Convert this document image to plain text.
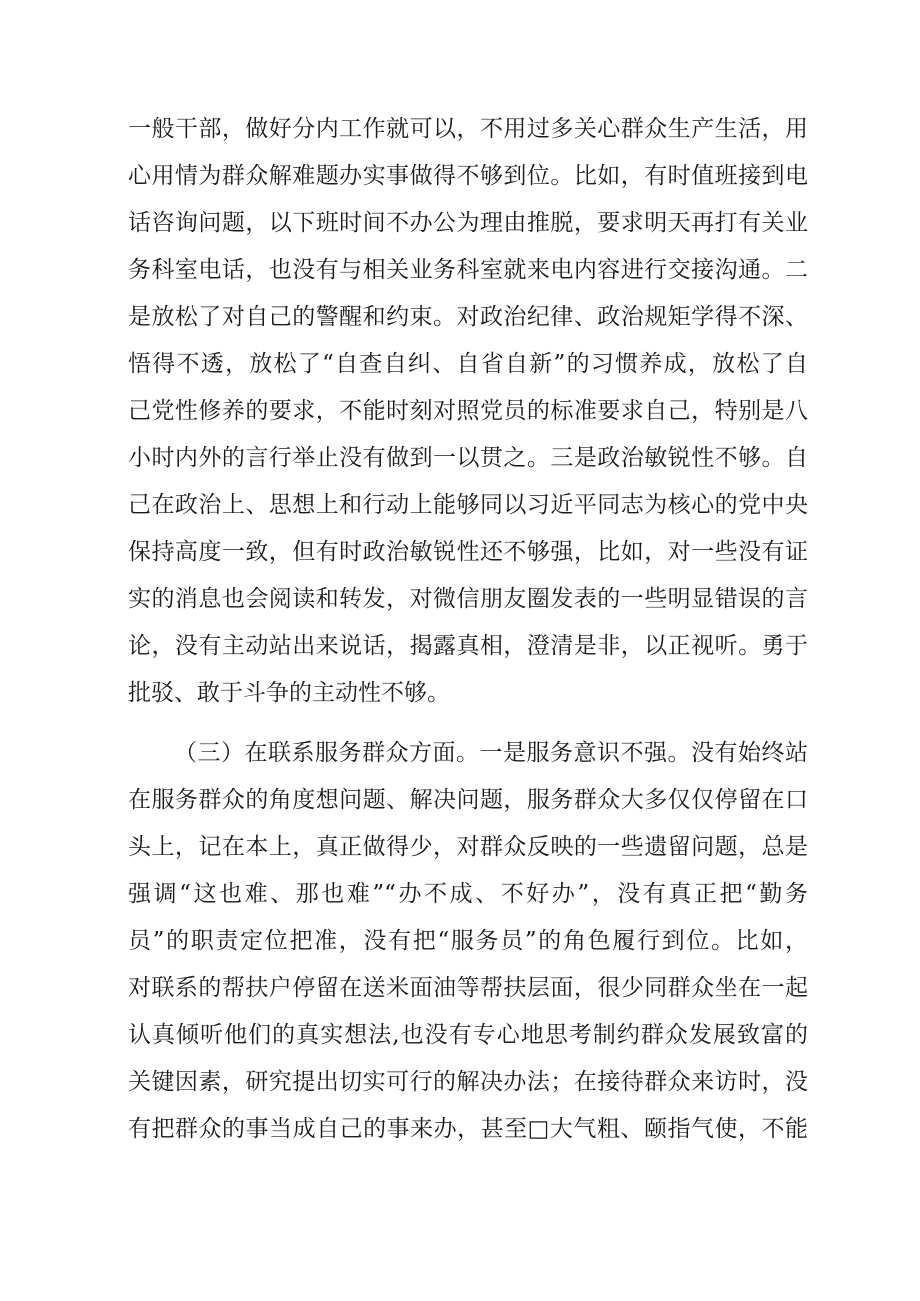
一般干部，做好分内工作就可以，不用过多关心群众生产生活，用
心用情为群众解难题办实事做得不够到位。比如，有时值班接到电
话咨询问题，以下班时间不办公为理由推脱，要求明天再打有关业
务科室电话，也没有与相关业务科室就来电内容进行交接沟通。二
是放松了对自己的警醒和约束。对政治纪律、政治规矩学得不深、
悟得不透，放松了“自查自纠、自省自新”的习惯养成，放松了自
己党性修养的要求，不能时刻对照党员的标准要求自己，特别是八
小时内外的言行举止没有做到一以贯之。三是政治敏锐性不够。自
己在政治上、思想上和行动上能够同以习近平同志为核心的党中央
保持高度一致，但有时政治敏锐性还不够强，比如，对一些没有证
实的消息也会阅读和转发，对微信朋友圈发表的一些明显错误的言
论，没有主动站出来说话，揭露真相，澄清是非，以正视听。勇于
批驳、敢于斗争的主动性不够。
（三）在联系服务群众方面。一是服务意识不强。没有始终站
在服务群众的角度想问题、解决问题，服务群众大多仅仅停留在口
头上，记在本上，真正做得少，对群众反映的一些遗留问题，总是
强调“这也难、那也难”“办不成、不好办”，没有真正把“勤务
员”的职责定位把准，没有把“服务员”的角色履行到位。比如，
对联系的帮扶户停留在送米面油等帮扶层面，很少同群众坐在一起
认真倾听他们的真实想法,也没有专心地思考制约群众发展致富的
关键因素，研究提出切实可行的解决办法；在接待群众来访时，没
有把群众的事当成自己的事来办，甚至□大气粗、颐指气使，不能
